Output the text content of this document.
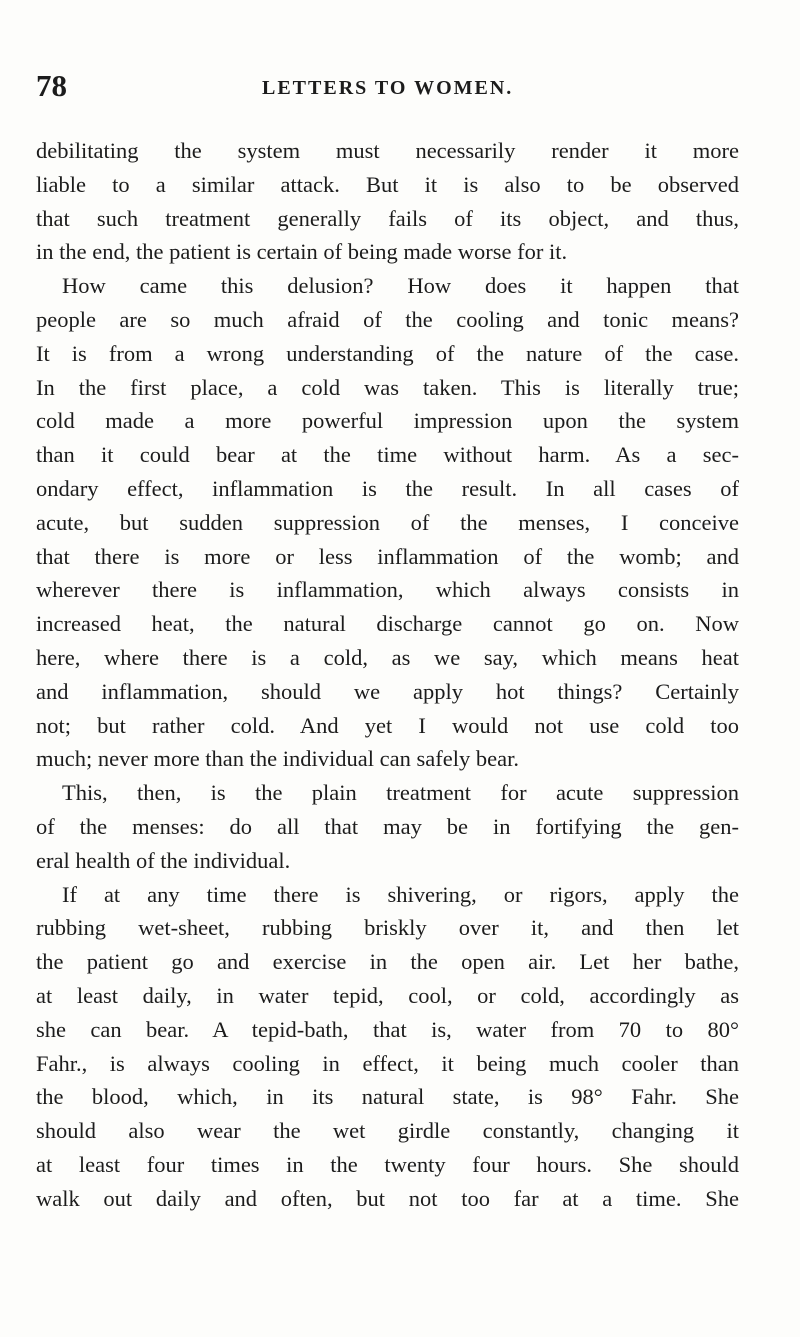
78	LETTERS TO WOMEN.
debilitating the system must necessarily render it more
liable to a similar attack. But it is also to be observed
that such treatment generally fails of its object, and thus,
in the end, the patient is certain of being made worse for it.
How came this delusion? How does it happen that
people are so much afraid of the cooling and tonic means?
It is from a wrong understanding of the nature of the case.
In the first place, a cold was taken. This is literally true;
cold made a more powerful impression upon the system
than it could bear at the time without harm. As a sec-
ondary effect, inflammation is the result. In all cases of
acute, but sudden suppression of the menses, I conceive
that there is more or less inflammation of the womb; and
wherever there is inflammation, which always consists in
increased heat, the natural discharge cannot go on. Now
here, where there is a cold, as we say, which means heat
and inflammation, should we apply hot things? Certainly
not; but rather cold. And yet I would not use cold too
much; never more than the individual can safely bear.
This, then, is the plain treatment for acute suppression
of the menses: do all that may be in fortifying the gen-
eral health of the individual.
If at any time there is shivering, or rigors, apply the
rubbing wet-sheet, rubbing briskly over it, and then let
the patient go and exercise in the open air. Let her bathe,
at least daily, in water tepid, cool, or cold, accordingly as
she can bear. A tepid-bath, that is, water from 70 to 80°
Fahr., is always cooling in effect, it being much cooler than
the blood, which, in its natural state, is 98° Fahr. She
should also wear the wet girdle constantly, changing it
at least four times in the twenty four hours. She should
walk out daily and often, but not too far at a time. She
